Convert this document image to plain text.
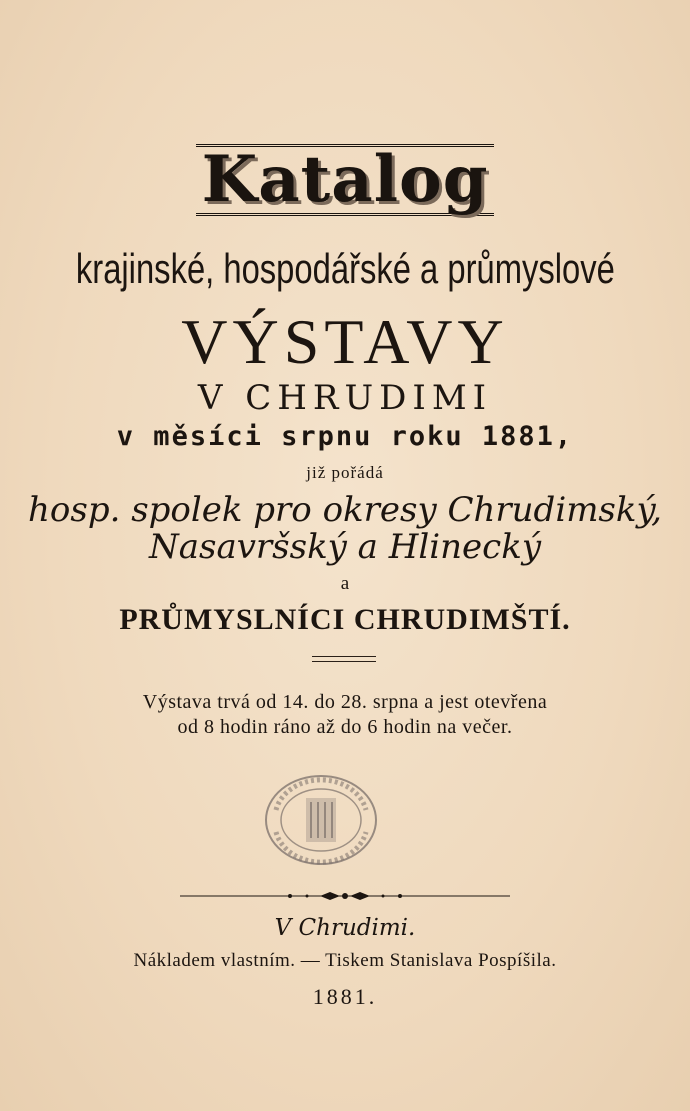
Katalog
krajinské, hospodářské a průmyslové
VÝSTAVY
V CHRUDIMI
v měsíci srpnu roku 1881,
již pořádá
hosp. spolek pro okresy Chrudimský,
Nasavršský a Hlinecký
a
PRŮMYSLNÍCI CHRUDIMŠTÍ.
Výstava trvá od 14. do 28. srpna a jest otevřena
od 8 hodin ráno až do 6 hodin na večer.
V Chrudimi.
Nákladem vlastním. — Tiskem Stanislava Pospíšila.
1881.
